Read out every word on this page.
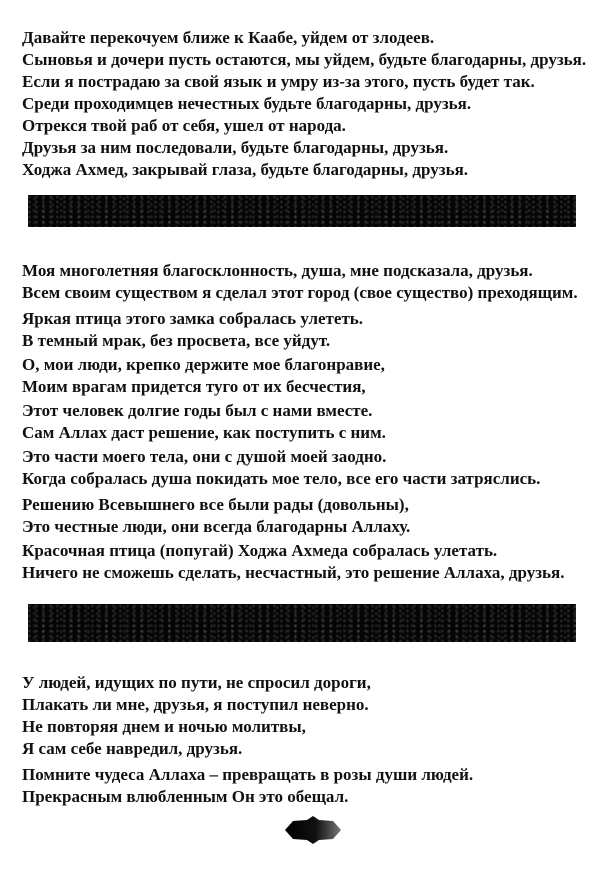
Давайте перекочуем ближе к Каабе, уйдем от злодеев.
Сыновья и дочери пусть остаются, мы уйдем, будьте благодарны, друзья.
Если я пострадаю за свой язык и умру из-за этого, пусть будет так.
Среди проходимцев нечестных будьте благодарны, друзья.
Отрекся твой раб от себя, ушел от народа.
Друзья за ним последовали, будьте благодарны, друзья.
Ходжа Ахмед, закрывай глаза, будьте благодарны, друзья.
Моя многолетняя благосклонность, душа, мне подсказала, друзья.
Всем своим существом я сделал этот город (свое существо) преходящим.
Яркая птица этого замка собралась улететь.
В темный мрак, без просвета, все уйдут.
О, мои люди, крепко держите мое благонравие,
Моим врагам придется туго от их бесчестия,
Этот человек долгие годы был с нами вместе.
Сам Аллах даст решение, как поступить с ним.
Это части моего тела, они с душой моей заодно.
Когда собралась душа покидать мое тело, все его части затряслись.
Решению Всевышнего все были рады (довольны),
Это честные люди, они всегда благодарны Аллаху.
Красочная птица (попугай) Ходжа Ахмеда собралась улетать.
Ничего не сможешь сделать, несчастный, это решение Аллаха, друзья.
У людей, идущих по пути, не спросил дороги,
Плакать ли мне, друзья, я поступил неверно.
Не повторяя днем и ночью молитвы,
Я сам себе навредил, друзья.
Помните чудеса Аллаха – превращать в розы души людей.
Прекрасным влюбленным Он это обещал.
